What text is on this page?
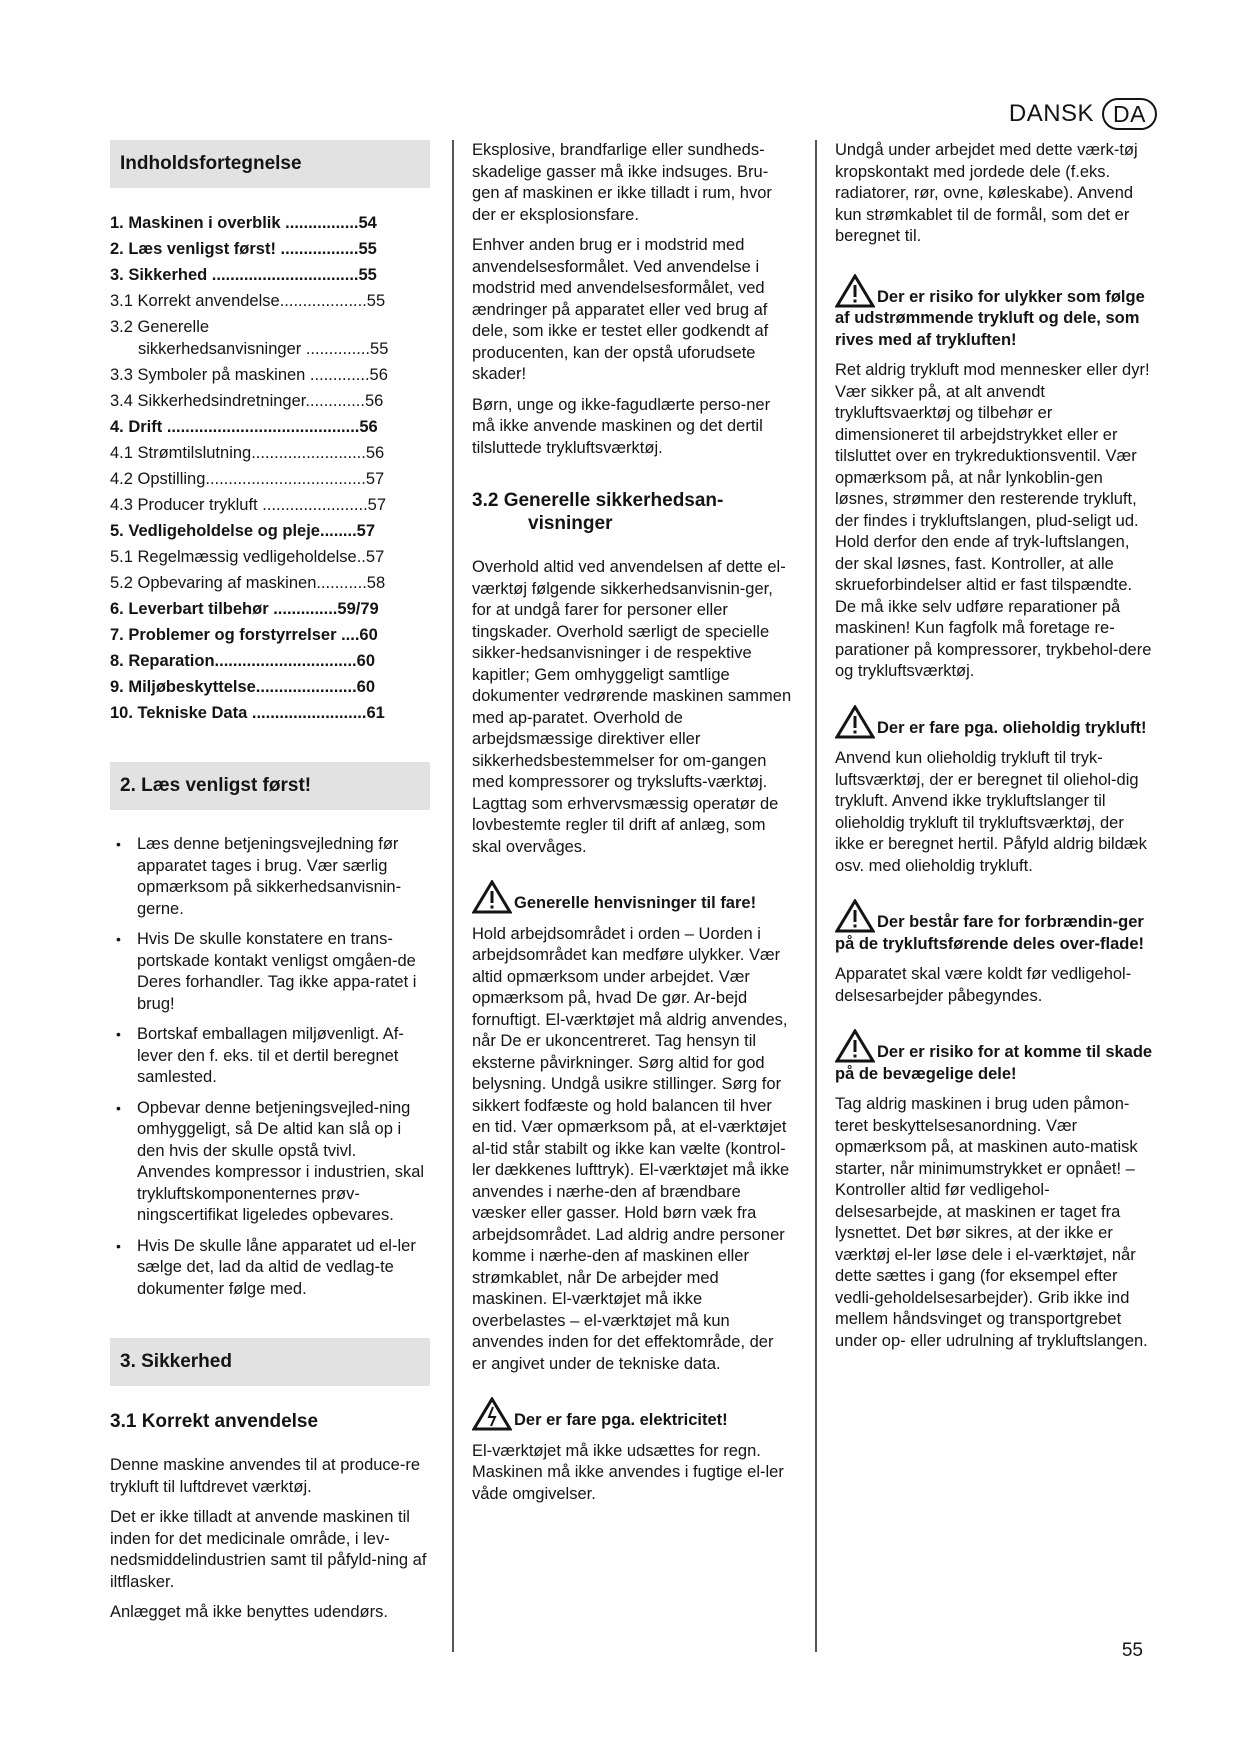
DANSK DA
Indholdsfortegnelse
1. Maskinen i overblik ................54
2. Læs venligst først! .................55
3. Sikkerhed ................................55
3.1 Korrekt anvendelse...................55
3.2 Generelle
sikkerhedsanvisninger ..............55
3.3 Symboler på maskinen .............56
3.4 Sikkerhedsindretninger.............56
4. Drift ..........................................56
4.1 Strømtilslutning.........................56
4.2 Opstilling...................................57
4.3 Producer trykluft .......................57
5. Vedligeholdelse og pleje........57
5.1 Regelmæssig vedligeholdelse..57
5.2 Opbevaring af maskinen...........58
6. Leverbart tilbehør ..............59/79
7. Problemer og forstyrrelser ....60
8. Reparation...............................60
9. Miljøbeskyttelse......................60
10. Tekniske Data .........................61
2. Læs venligst først!
• Læs denne betjeningsvejledning før apparatet tages i brug. Vær særlig opmærksom på sikkerhedsanvisnin-gerne.
• Hvis De skulle konstatere en trans-portskade kontakt venligst omgåen-de Deres forhandler. Tag ikke appa-ratet i brug!
• Bortskaf emballagen miljøvenligt. Af-lever den f. eks. til et dertil beregnet samlested.
• Opbevar denne betjeningsvejled-ning omhyggeligt, så De altid kan slå op i den hvis der skulle opstå tvivl. Anvendes kompressor i industrien, skal trykluftskomponenternes prøv-ningscertifikat ligeledes opbevares.
• Hvis De skulle låne apparatet ud el-ler sælge det, lad da altid de vedlag-te dokumenter følge med.
3. Sikkerhed
3.1 Korrekt anvendelse

Denne maskine anvendes til at produce-re trykluft til luftdrevet værktøj.

Det er ikke tilladt at anvende maskinen til inden for det medicinale område, i lev-nedsmiddelindustrien samt til påfyld-ning af iltflasker.

Anlægget må ikke benyttes udendørs.

Eksplosive, brandfarlige eller sundheds-skadelige gasser må ikke indsuges. Bru-gen af maskinen er ikke tilladt i rum, hvor der er eksplosionsfare.

Enhver anden brug er i modstrid med anvendelsesformålet. Ved anvendelse i modstrid med anvendelsesformålet, ved ændringer på apparatet eller ved brug af dele, som ikke er testet eller godkendt af producenten, kan der opstå uforudsete skader!

Børn, unge og ikke-fagudlærte perso-ner må ikke anvende maskinen og det dertil tilsluttede trykluftsværktøj.

3.2 Generelle sikkerhedsan-
visninger

Overhold altid ved anvendelsen af dette el-værktøj følgende sikkerhedsanvisnin-ger, for at undgå farer for personer eller tingskader. Overhold særligt de specielle sikker-hedsanvisninger i de respektive kapitler; Gem omhyggeligt samtlige dokumenter vedrørende maskinen sammen med ap-paratet. Overhold de arbejdsmæssige direktiver eller sikkerhedsbestemmelser for om-gangen med kompressorer og trykslufts-værktøj. Lagttag som erhvervsmæssig operatør de lovbestemte regler til drift af anlæg, som skal overvåges.

Generelle henvisninger til fare!

Hold arbejdsområdet i orden – Uorden i arbejdsområdet kan medføre ulykker. Vær altid opmærksom under arbejdet. Vær opmærksom på, hvad De gør. Ar-bejd fornuftigt. El-værktøjet må aldrig anvendes, når De er ukoncentreret. Tag hensyn til eksterne påvirkninger. Sørg altid for god belysning. Undgå usikre stillinger. Sørg for sikkert fodfæste og hold balancen til hver en tid. Vær opmærksom på, at el-værktøjet al-tid står stabilt og ikke kan vælte (kontrol-ler dækkenes lufttryk). El-værktøjet må ikke anvendes i nærhe-den af brændbare væsker eller gasser. Hold børn væk fra arbejdsområdet. Lad aldrig andre personer komme i nærhe-den af maskinen eller strømkablet, når De arbejder med maskinen. El-værktøjet må ikke overbelastes – el-værktøjet må kun anvendes inden for det effektområde, der er angivet under de tekniske data.

Der er fare pga. elektricitet!

El-værktøjet må ikke udsættes for regn. Maskinen må ikke anvendes i fugtige el-ler våde omgivelser.

Undgå under arbejdet med dette værk-tøj kropskontakt med jordede dele (f.eks. radiatorer, rør, ovne, køleskabe). Anvend kun strømkablet til de formål, som det er beregnet til.

Der er risiko for ulykker som følge af udstrømmende trykluft og dele, som rives med af trykluften!

Ret aldrig trykluft mod mennesker eller dyr! Vær sikker på, at alt anvendt trykluftsvaerktøj og tilbehør er dimensioneret til arbejdstrykket eller er tilsluttet over en trykreduktionsventil. Vær opmærksom på, at når lynkoblin-gen løsnes, strømmer den resterende trykluft, der findes i trykluftslangen, plud-seligt ud. Hold derfor den ende af tryk-luftslangen, der skal løsnes, fast. Kontroller, at alle skrueforbindelser altid er fast tilspændte. De må ikke selv udføre reparationer på maskinen! Kun fagfolk må foretage re-parationer på kompressorer, trykbehol-dere og trykluftsværktøj.

Der er fare pga. olieholdig trykluft!

Anvend kun olieholdig trykluft til tryk-luftsværktøj, der er beregnet til oliehol-dig trykluft. Anvend ikke trykluftslanger til olieholdig trykluft til trykluftsværktøj, der ikke er beregnet hertil. Påfyld aldrig bildæk osv. med olieholdig trykluft.

Der består fare for forbrændin-ger på de trykluftsførende deles over-flade!

Apparatet skal være koldt før vedligehol-delsesarbejder påbegyndes.

Der er risiko for at komme til skade på de bevægelige dele!

Tag aldrig maskinen i brug uden påmon-teret beskyttelsesanordning. Vær opmærksom på, at maskinen auto-matisk starter, når minimumstrykket er opnået! – Kontroller altid før vedligehol-delsesarbejde, at maskinen er taget fra lysnettet. Det bør sikres, at der ikke er værktøj el-ler løse dele i el-værktøjet, når dette sættes i gang (for eksempel efter vedli-geholdelsesarbejder). Grib ikke ind mellem håndsvinget og transportgrebet under op- eller udrulning af trykluftslangen.

55
